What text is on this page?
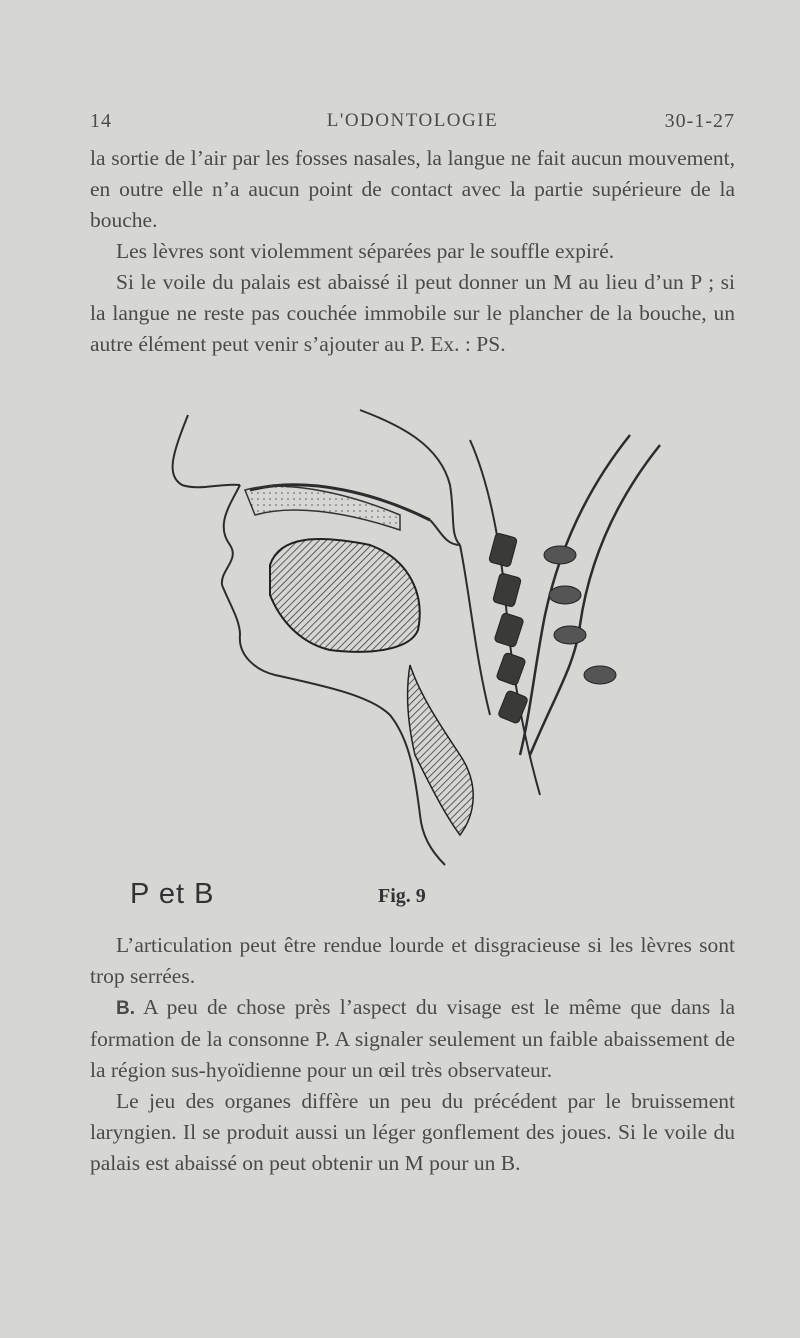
14	L'ODONTOLOGIE	30-1-27

la sortie de l’air par les fosses nasales, la langue ne fait aucun mouvement, en outre elle n’a aucun point de contact avec la partie supérieure de la bouche.

Les lèvres sont violemment séparées par le souffle expiré.

Si le voile du palais est abaissé il peut donner un M au lieu d’un P ; si la langue ne reste pas couchée immobile sur le plancher de la bouche, un autre élément peut venir s’ajouter au P. Ex. : PS.

P et B	Fig. 9

L’articulation peut être rendue lourde et disgracieuse si les lèvres sont trop serrées.

B. A peu de chose près l’aspect du visage est le même que dans la formation de la consonne P. A signaler seulement un faible abaissement de la région sus-hyoïdienne pour un œil très observateur.

Le jeu des organes diffère un peu du précédent par le bruissement laryngien. Il se produit aussi un léger gonflement des joues. Si le voile du palais est abaissé on peut obtenir un M pour un B.
